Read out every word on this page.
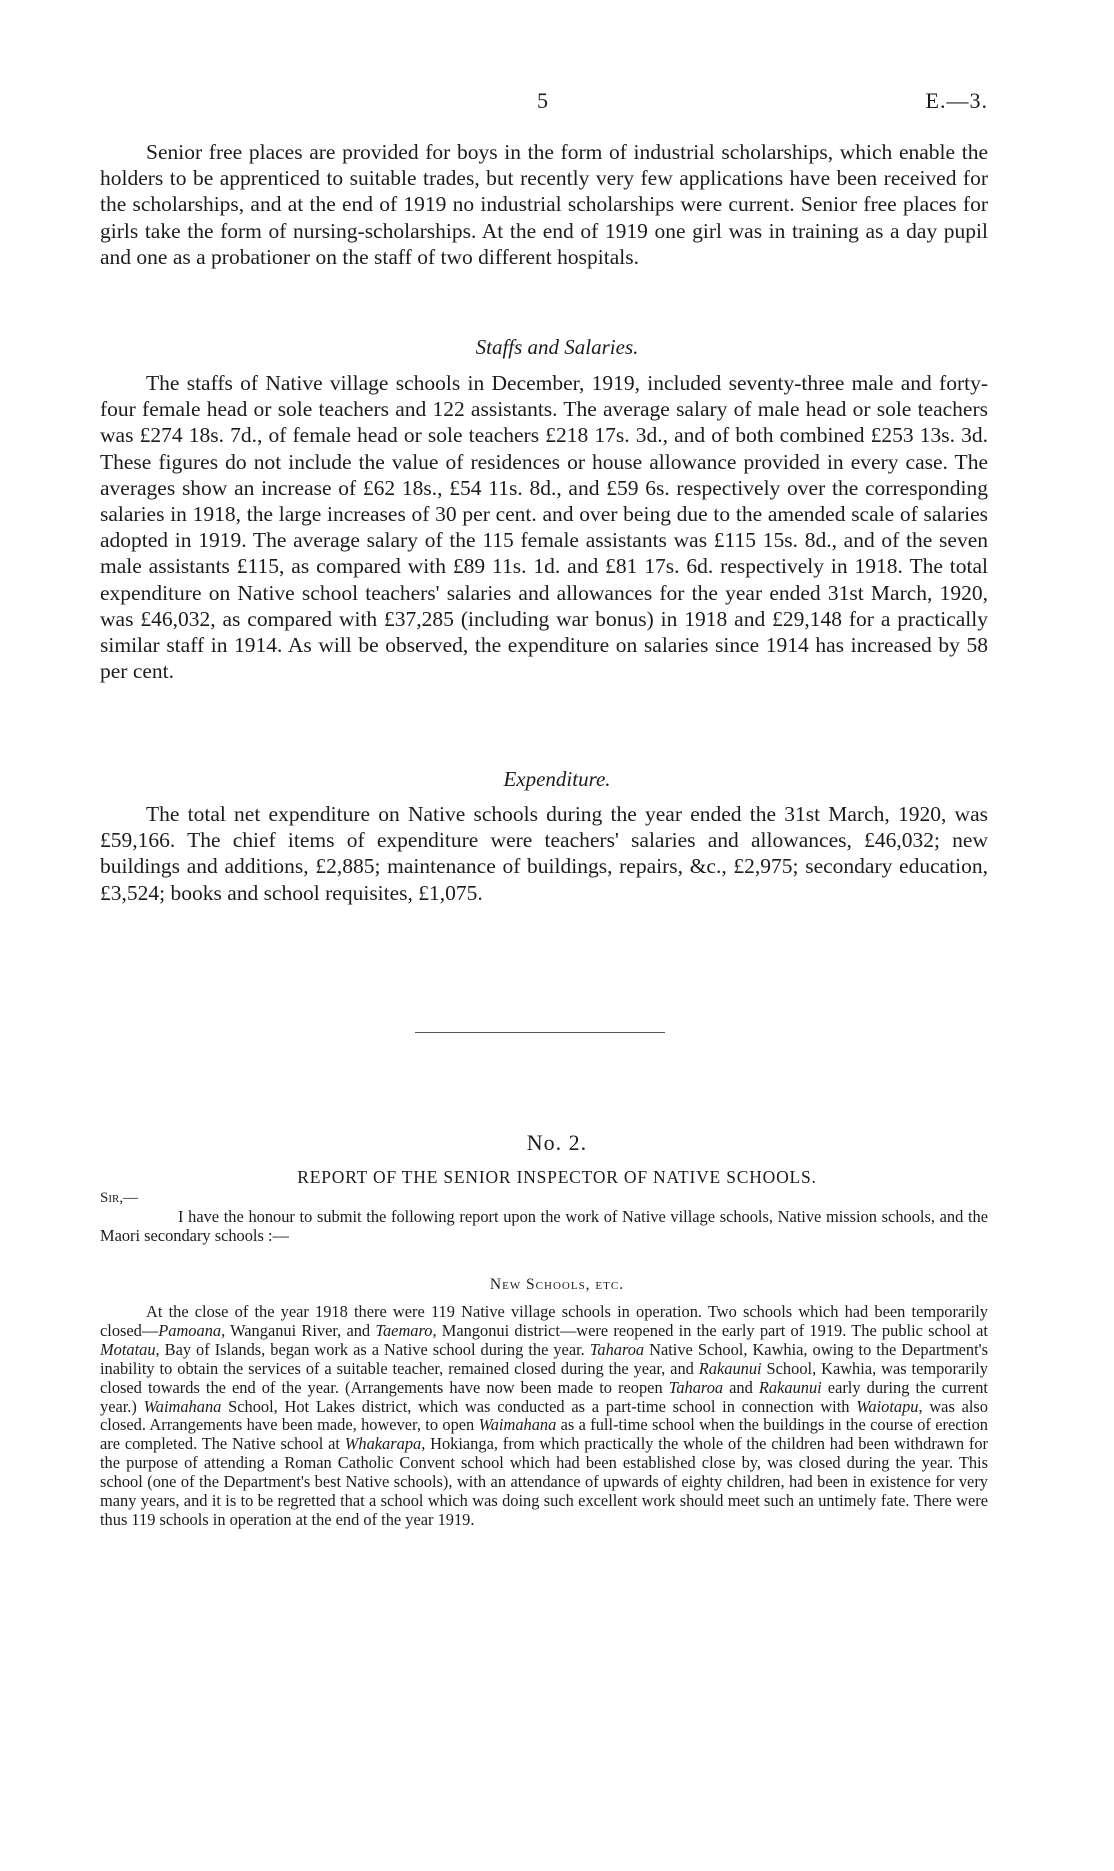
5	E.—3.

Senior free places are provided for boys in the form of industrial scholarships, which enable the holders to be apprenticed to suitable trades, but recently very few applications have been received for the scholarships, and at the end of 1919 no industrial scholarships were current. Senior free places for girls take the form of nursing-scholarships. At the end of 1919 one girl was in training as a day pupil and one as a probationer on the staff of two different hospitals.

Staffs and Salaries.

The staffs of Native village schools in December, 1919, included seventy-three male and forty-four female head or sole teachers and 122 assistants. The average salary of male head or sole teachers was £274 18s. 7d., of female head or sole teachers £218 17s. 3d., and of both combined £253 13s. 3d. These figures do not include the value of residences or house allowance provided in every case. The averages show an increase of £62 18s., £54 11s. 8d., and £59 6s. respectively over the corresponding salaries in 1918, the large increases of 30 per cent. and over being due to the amended scale of salaries adopted in 1919. The average salary of the 115 female assistants was £115 15s. 8d., and of the seven male assistants £115, as compared with £89 11s. 1d. and £81 17s. 6d. respectively in 1918. The total expenditure on Native school teachers' salaries and allowances for the year ended 31st March, 1920, was £46,032, as compared with £37,285 (including war bonus) in 1918 and £29,148 for a practically similar staff in 1914. As will be observed, the expenditure on salaries since 1914 has increased by 58 per cent.

Expenditure.

The total net expenditure on Native schools during the year ended the 31st March, 1920, was £59,166. The chief items of expenditure were teachers' salaries and allowances, £46,032; new buildings and additions, £2,885; maintenance of buildings, repairs, &c., £2,975; secondary education, £3,524; books and school requisites, £1,075.

No. 2.
REPORT OF THE SENIOR INSPECTOR OF NATIVE SCHOOLS.
Sir,—

I have the honour to submit the following report upon the work of Native village schools, Native mission schools, and the Maori secondary schools :—

New Schools, etc.

At the close of the year 1918 there were 119 Native village schools in operation. Two schools which had been temporarily closed—Pamoana, Wanganui River, and Taemaro, Mangonui district—were reopened in the early part of 1919. The public school at Motatau, Bay of Islands, began work as a Native school during the year. Taharoa Native School, Kawhia, owing to the Department's inability to obtain the services of a suitable teacher, remained closed during the year, and Rakaunui School, Kawhia, was temporarily closed towards the end of the year. (Arrangements have now been made to reopen Taharoa and Rakaunui early during the current year.) Waimahana School, Hot Lakes district, which was conducted as a part-time school in connection with Waiotapu, was also closed. Arrangements have been made, however, to open Waimahana as a full-time school when the buildings in the course of erection are completed. The Native school at Whakarapa, Hokianga, from which practically the whole of the children had been withdrawn for the purpose of attending a Roman Catholic Convent school which had been established close by, was closed during the year. This school (one of the Department's best Native schools), with an attendance of upwards of eighty children, had been in existence for very many years, and it is to be regretted that a school which was doing such excellent work should meet such an untimely fate. There were thus 119 schools in operation at the end of the year 1919.
